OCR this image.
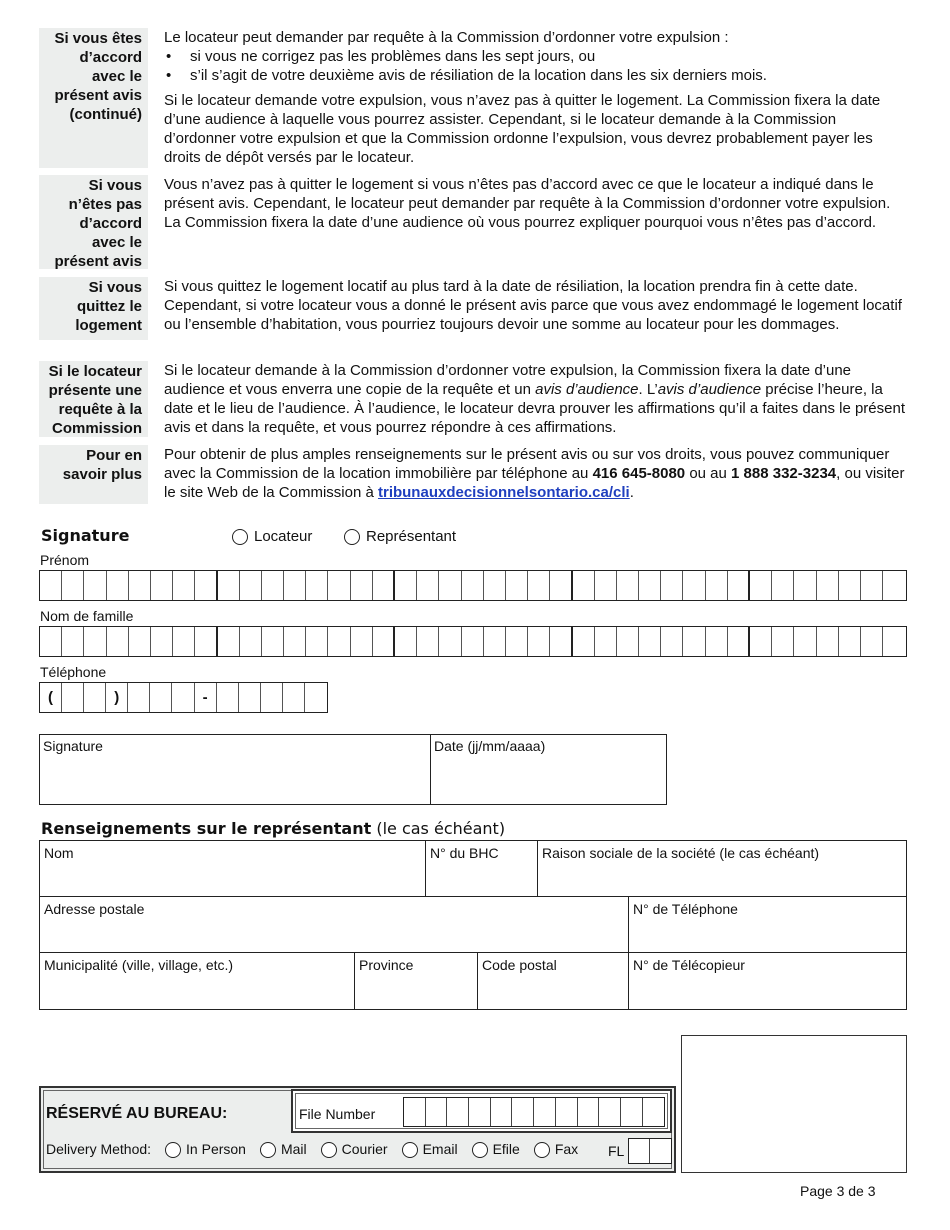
Si vous êtes
d’accord
avec le
présent avis
(continué)

Le locateur peut demander par requête à la Commission d’ordonner votre expulsion :

• si vous ne corrigez pas les problèmes dans les sept jours, ou
• s’il s’agit de votre deuxième avis de résiliation de la location dans les six derniers mois.

Si le locateur demande votre expulsion, vous n’avez pas à quitter le logement. La Commission fixera la date d’une audience à laquelle vous pourrez assister. Cependant, si le locateur demande à la Commission d’ordonner votre expulsion et que la Commission ordonne l’expulsion, vous devrez probablement payer les droits de dépôt versés par le locateur.

Si vous
n’êtes pas
d’accord
avec le
présent avis
Vous n’avez pas à quitter le logement si vous n’êtes pas d’accord avec ce que le locateur a indiqué dans le présent avis. Cependant, le locateur peut demander par requête à la Commission d’ordonner votre expulsion. La Commission fixera la date d’une audience où vous pourrez expliquer pourquoi vous n’êtes pas d’accord.
Si vous
quittez le
logement
Si vous quittez le logement locatif au plus tard à la date de résiliation, la location prendra fin à cette date. Cependant, si votre locateur vous a donné le présent avis parce que vous avez endommagé le logement locatif ou l’ensemble d’habitation, vous pourriez toujours devoir une somme au locateur pour les dommages.
Si le locateur
présente une
requête à la
Commission
Si le locateur demande à la Commission d’ordonner votre expulsion, la Commission fixera la date d’une audience et vous enverra une copie de la requête et un avis d’audience. L’avis d’audience précise l’heure, la date et le lieu de l’audience. À l’audience, le locateur devra prouver les affirmations qu’il a faites dans le présent avis et dans la requête, et vous pourrez répondre à ces affirmations.
Pour en
savoir plus
Pour obtenir de plus amples renseignements sur le présent avis ou sur vos droits, vous pouvez communiquer avec la Commission de la location immobilière par téléphone au 416 645-8080 ou au 1 888 332-3234, ou visiter le site Web de la Commission à tribunauxdecisionnelsontario.ca/cli.
Signature	Locateur	Représentant
Prénom
Nom de famille
Téléphone
(	)	-
Signature	Date (jj/mm/aaaa)
Renseignements sur le représentant (le cas échéant)
Nom	N° du BHC	Raison sociale de la société (le cas échéant)
Adresse postale	N° de Téléphone
Municipalité (ville, village, etc.)	Province	Code postal	N° de Télécopieur
RÉSERVÉ AU BUREAU:	File Number
Delivery Method:	In Person	Mail	Courier	Email	Efile	Fax FL
Page 3 de 3
